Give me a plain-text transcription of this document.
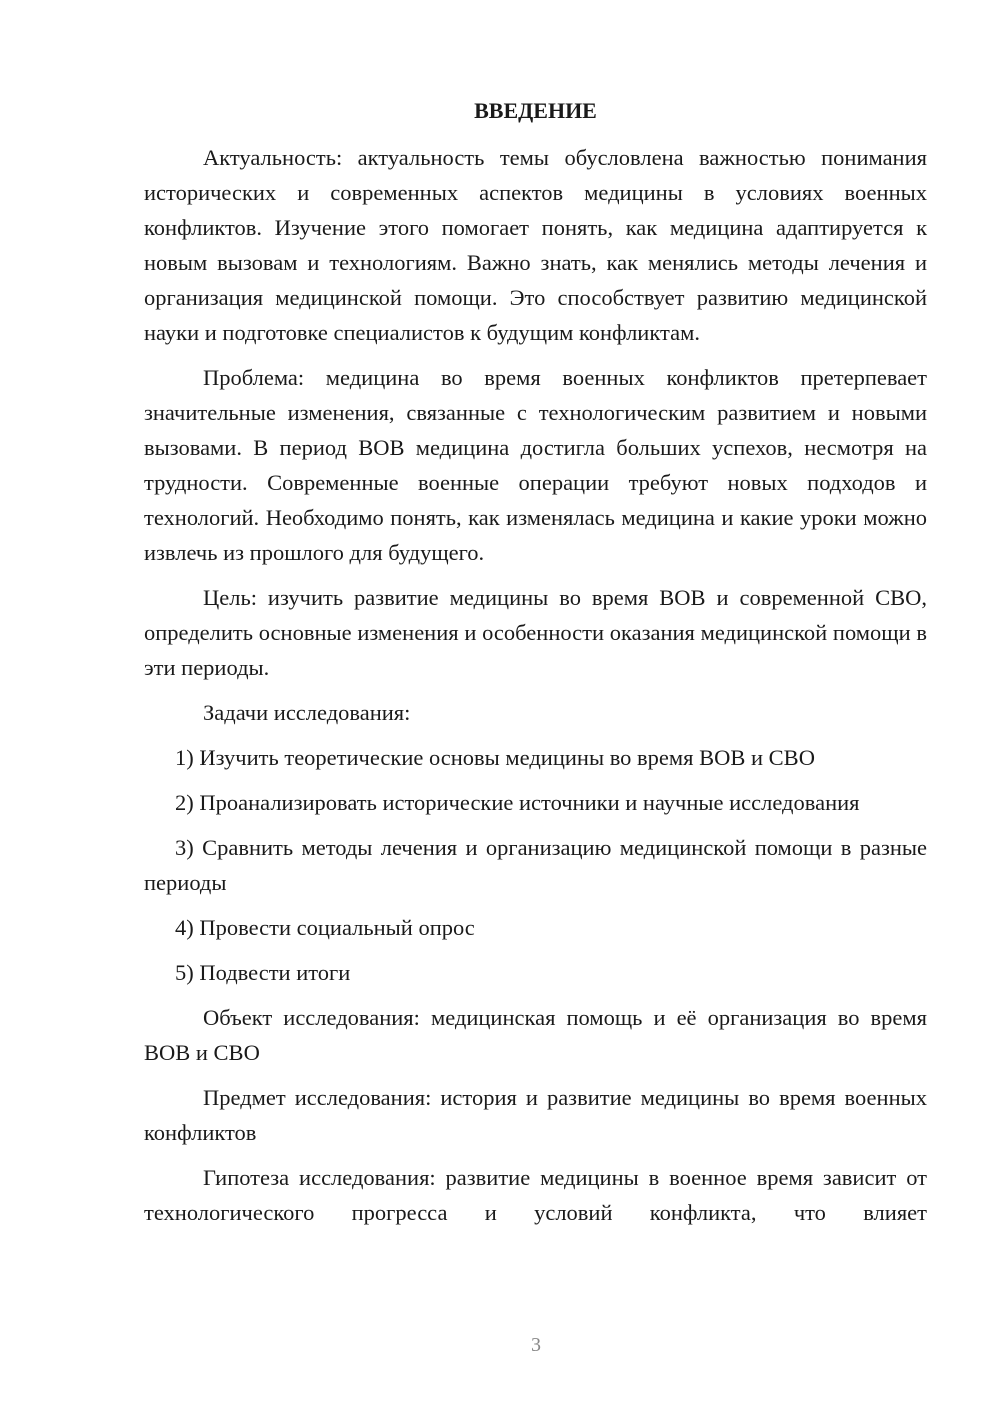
ВВЕДЕНИЕ

Актуальность: актуальность темы обусловлена важностью понимания исторических и современных аспектов медицины в условиях военных конфликтов. Изучение этого помогает понять, как медицина адаптируется к новым вызовам и технологиям. Важно знать, как менялись методы лечения и организация медицинской помощи. Это способствует развитию медицинской науки и подготовке специалистов к будущим конфликтам.

Проблема: медицина во время военных конфликтов претерпевает значительные изменения, связанные с технологическим развитием и новыми вызовами. В период ВОВ медицина достигла больших успехов, несмотря на трудности. Современные военные операции требуют новых подходов и технологий. Необходимо понять, как изменялась медицина и какие уроки можно извлечь из прошлого для будущего.

Цель: изучить развитие медицины во время ВОВ и современной СВО, определить основные изменения и особенности оказания медицинской помощи в эти периоды.

Задачи исследования:

1) Изучить теоретические основы медицины во время ВОВ и СВО

2) Проанализировать исторические источники и научные исследования

3) Сравнить методы лечения и организацию медицинской помощи в разные периоды

4) Провести социальный опрос

5) Подвести итоги

Объект исследования: медицинская помощь и её организация во время ВОВ и СВО

Предмет исследования: история и развитие медицины во время военных конфликтов

Гипотеза исследования: развитие медицины в военное время зависит от технологического прогресса и условий конфликта, что влияет

3
